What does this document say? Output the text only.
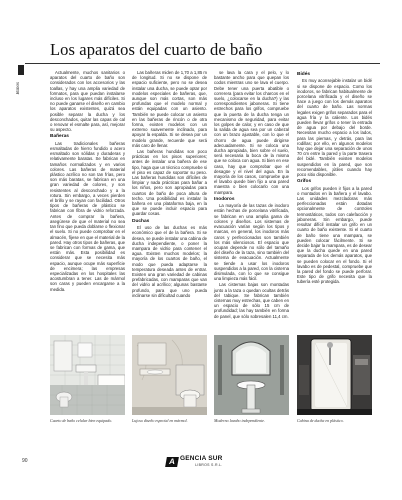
Los aparatos del cuarto de baño
Baños

Actualmente, muchos sanitarios o aparatos del cuarto de baño son considerados con los accesorios y las toallas, y hay una amplia variedad de formatos, para que puedan instalarse incluso en los lugares más difíciles. Si no puede ganarse el diseño en cambio los aparatos existentes, quizá sea posible separar la ducha y los desconchados, quitar las capas de cal o renovar el esmalte para, así, mejorar su aspecto.

Bañeras

Las tradicionales bañeras esmaltadas de hierro fundido o acero esmaltado son sólidas y duraderas y relativamente baratas. Se fabrican en tamaños normalizados y en varios colores. Las bañeras de material plástico acrílico no son tan frías, pero son más baratas, se fabrican en una gran variedad de colores, y son resistentes al desconchado y a la rotura. Sin embargo, a veces pierden el brillo y se rayan con facilidad. Otros tipos de bañeras de plástico se fabrican con fibra de vidrio reforzada. Antes de comprar la bañera, asegúrese de que el material no sea tan fino que pueda doblarse o flexionar el suelo. Si no puede comprobar en el almacén, fíjese en que el material de la pared. Hay otros tipos de bañeras, que se fabrican con formas de gama, que están más. Esta posibilidad es considerar que se necesita más espacio, aunque ocupe más superficie de encimera; las empresas especializadas en los hospitales las acostumbran a tener. Las de mármol son caras y pueden encargarse a la medida.

Las bañeras miden de 1,70 a 1,85 m de longitud. Si no se dispone de espacio suficiente, pero no se desea instalar una ducha, se puede optar por modelos especiales de bañeras, que, aunque son más cortas, son más profundas que el modelo normal y están equipadas con un asiento. También se puede colocar un asiento en las bañeras de rincón o de otra forma, existen modelos con un extremo suavemente inclinado, para apoyar la espalda. Si se desea por un modelo grande, recuerde que será más caro de llenar.

Las bañeras hundidas son poco prácticas en los pisos superiores; antes de instalar una bañera de ese tipo, haga que un técnico compruebe si el piso es capaz de soportar su peso. Las bañeras hundidas son difíciles de limpiar y nada prácticas para bañar a los niños, pero son apropiadas para cuartos de baño de poca altura de techo. Una posibilidad es instalar la bañera en una plataforma baja, en la que se puede incluir espacio para guardar cosas.

Duchas

El uso de las duchas es más económico que el de la bañera. Si se desea, se puede instalar una cabina de ducha independiente, o poner la mampara de vidrio para contener el agua. Existen muchos modelos; la mayoría de los cuartos de baño, el modo que pueda adaptarse la temperatura deseada antes de entrar. Existen una gran variedad de cabinas prefabricadas, con mamparas que van del vidrio al acrílico; algunas bastante profundo, para que uno pueda inclinarse sin dificultad cuando

se lava la cara y el pelo, y lo bastante ancho para que quepan los codos mientras uno se lava el cuerpo. Debe tener una puerta abatible o correrera (para evitar los charcos en el suelo, ¿colocarse en la ducha?) y las correspondientes jaboneras. Si tiene estrechos para los grifos, compruebe que la puerta de la ducha tenga un mecanismo de seguridad, para evitar los golpes de calor, y en caso de que la salida de agua sea por un cabezal con un brazo ajustable, con lo que el chorro de agua puede dirigirse adecuadamente. Si se coloca una ducha apropiada, bien sobre el suelo, será necesaria la boca de la misma que se coloca con agua. Si bien en ese caso, hay que comprobar que el desagüe y el nivel del agua. En la mayoría de los casos, compruebe que el lavabo quede bien fijo a una pared maestra o bien colocarlo con una mampara.

Inodoros

La mayoría de las tazas de inodoro están hechas de porcelana vitrificada, se fabrican en una amplia gama de colores y diseños. Los sistemas de evacuación varían según los tipos y marcas, en general, los inodoros más caros y perfeccionados son también los más silenciosos. El espacio que ocupan depende no sólo del tamaño del diseño de la taza, sino también del sistema de evacuación. Actualmente se tiende a usar los inodoros suspendidos a la pared, con la cisterna disimulada, con lo que se consigue una limpieza más fácil.

Las cisternas bajas son montadas junto a la taza o quedan ocultas detrás del tabique. Se fabrican también cisternas muy estrechas, que caben en un espacio de sólo 15 cm de profundidad; las hay también en forma de panel, que sólo sobresalen 11,4 cm.

Bidés

Es muy aconsejable instalar un bidé si se dispone de espacio. Como los inodoros, se fabrican habitualmente de porcelana vitrificada y el diseño se hace a juego con los demás aparatos del cuarto de baño. Las normas legales exigen grifos separados para el agua fría y la caliente. Los bidés pueden llevar grifos o tener la entrada de agua por debajo del borde. Necesitan mucho espacio a los lados, para las piernas, y detrás, para las rodillas; por ello, en algunos modelos hay que dejar una separación de unos 70 cm entre la pared y la parte trasera del bidé. También existen modelos suspendidos en la pared, que son recomendables, ¡útiles cuando hay poco sitio disponible.

Grifos

Los grifos pueden ir fijos a la pared o montados en la bañera y el lavabo. Las unidades mezcladoras más perfeccionadas están dotadas opcionalmente de controles termostáticos, todos con calefacción y jaboneras. Sin embargo, puede resultar difícil instalar un grifo en un cuarto de baño existente. Si el cuarto de baño tiene una mampara, se pueden colocar fácilmente. Si se decide bajar la mampara, es de desear que la ducha quede en una pared separada de los demás aparatos, que se pueden colocar en el fondo. Si el lavabo es de pedestal, compruebe que la pared del fondo se puede perforar. Este tipo de grifo necesita que la tubería esté protegida.

Cuarto de baño celular bien equipado.	Lujoso diseño especial en mármol.	Moderno lavabo independiente.	Cabina de ducha en plástico.
90	A GENCIA SUR
LIBROS S.R.L.
